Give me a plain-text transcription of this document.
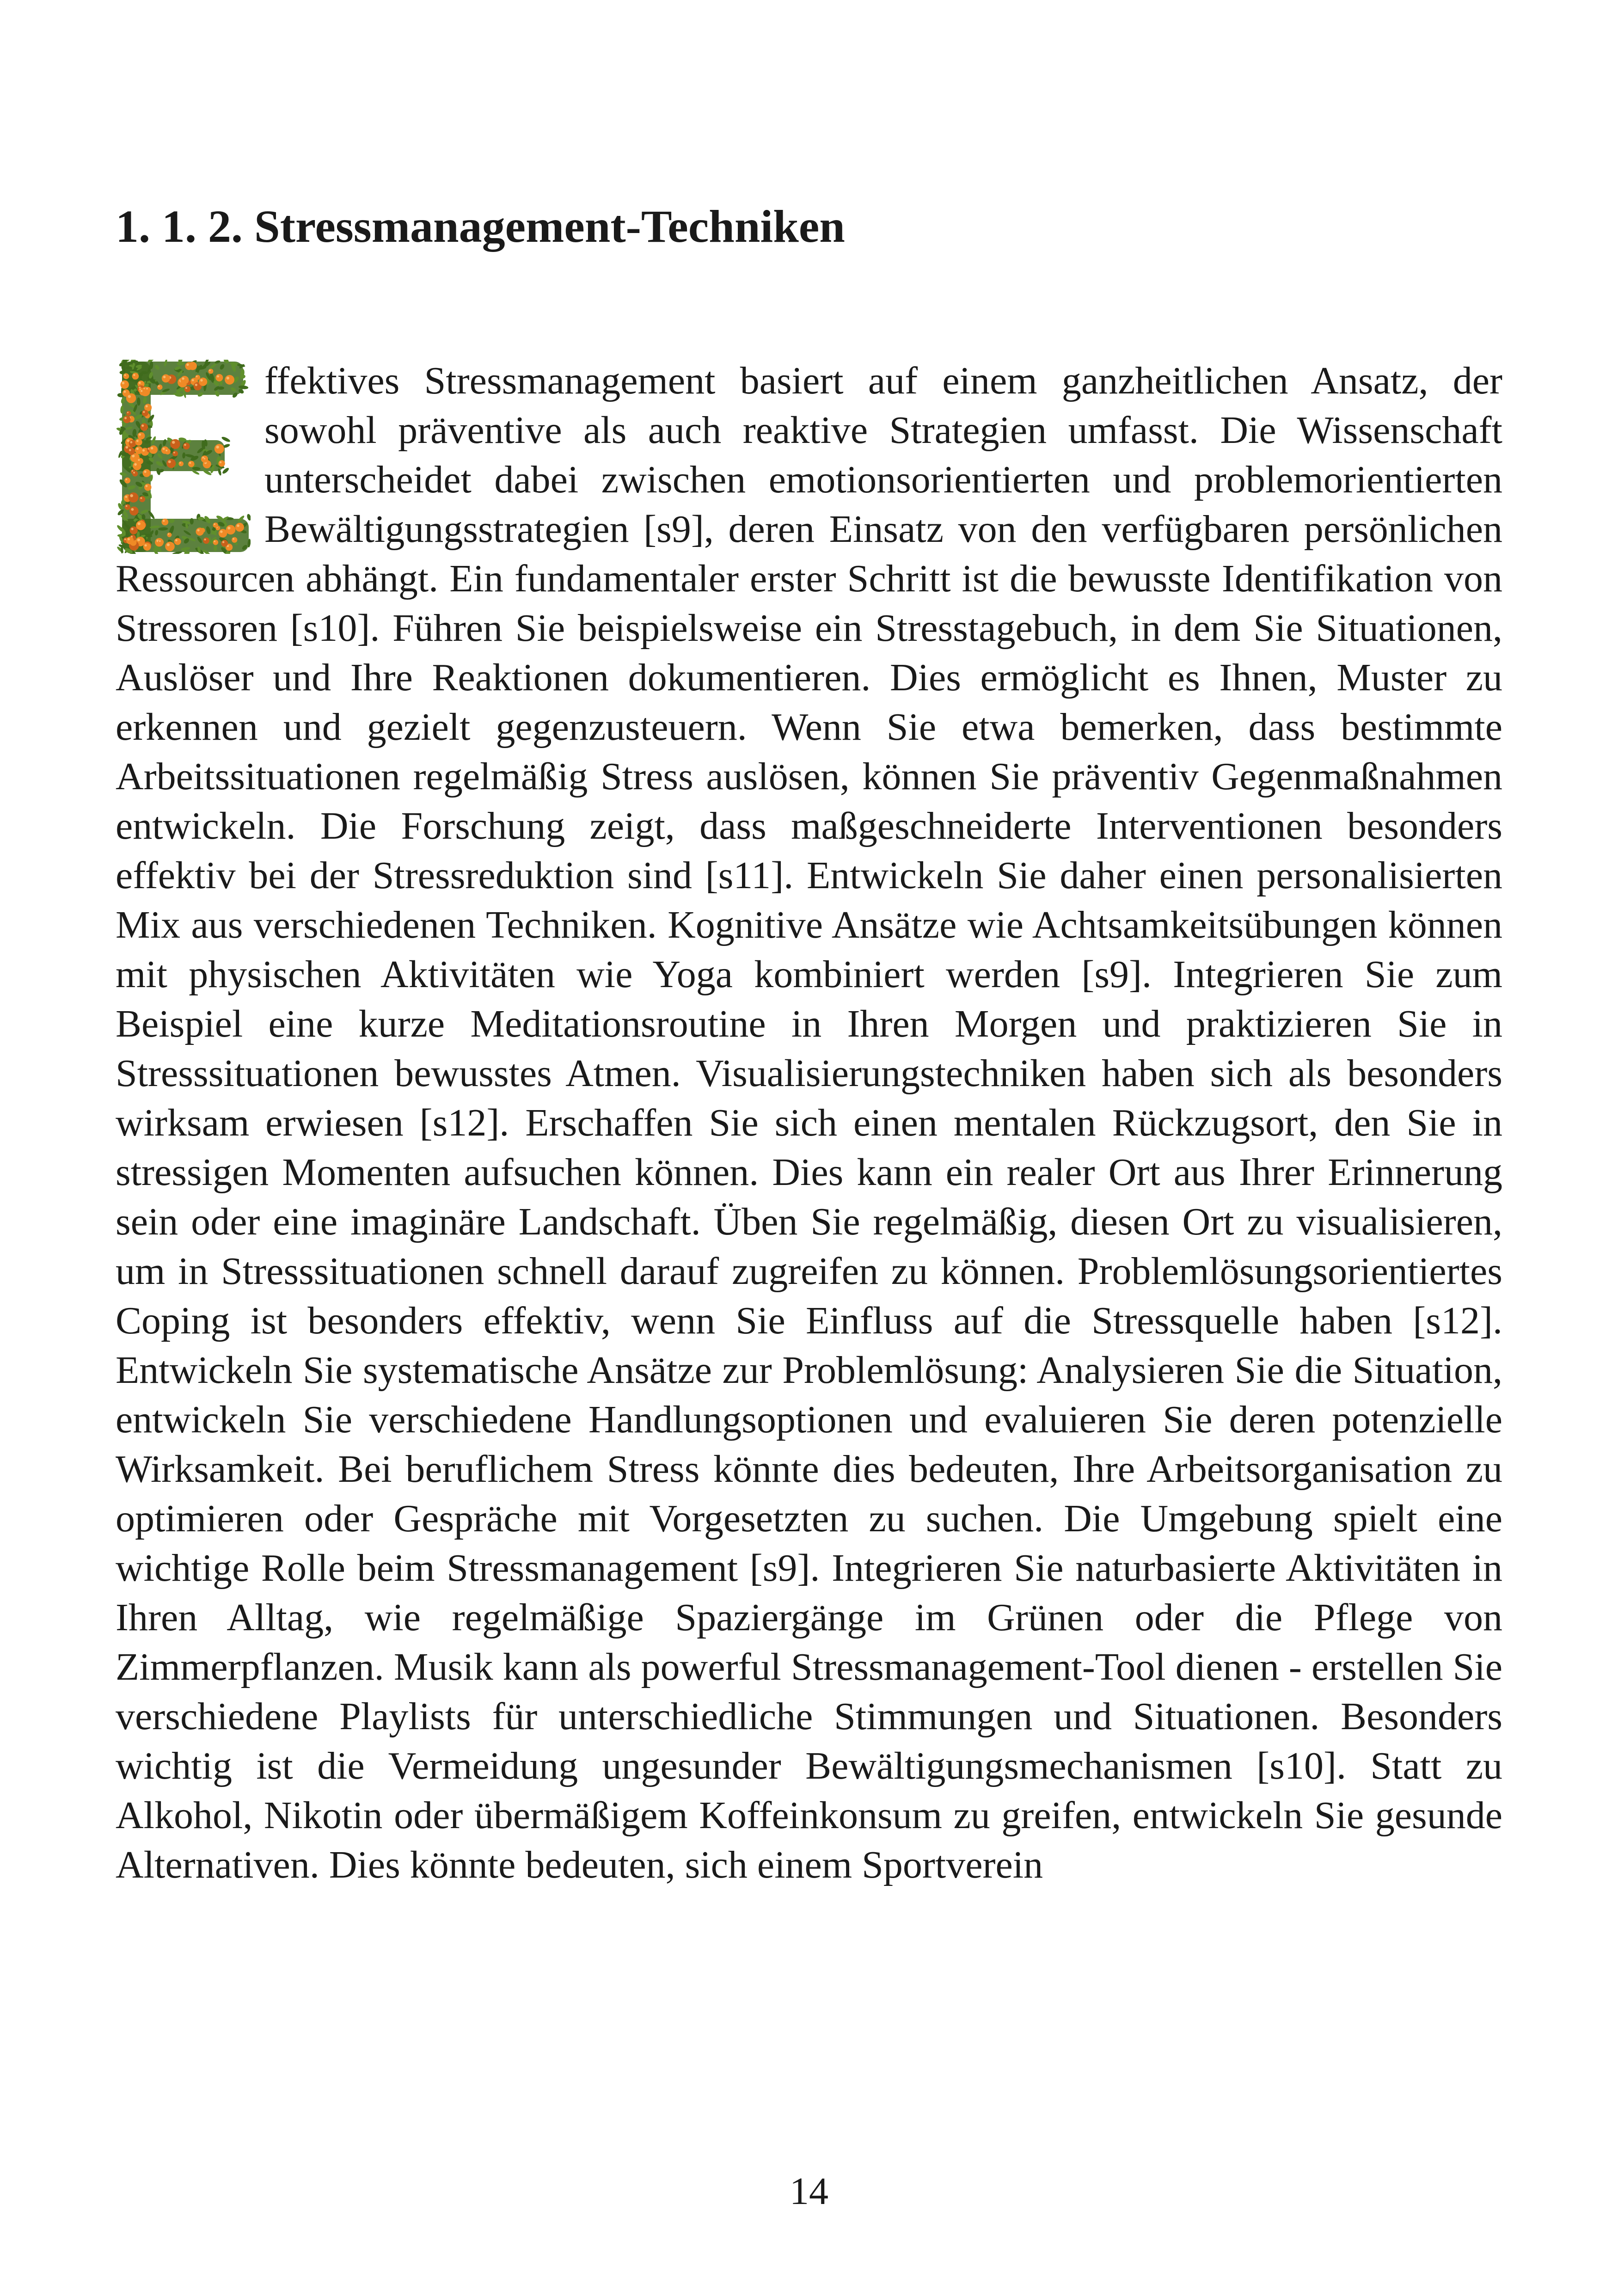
1. 1. 2. Stressmanagement-Techniken

ffektives Stressmanagement basiert auf einem ganzheitlichen Ansatz, der sowohl präventive als auch reaktive Strategien umfasst. Die Wissenschaft unterscheidet dabei zwischen emotionsorientierten und problemorientierten Bewältigungsstrategien [s9], deren Einsatz von den verfügbaren persönlichen Ressourcen abhängt. Ein fundamentaler erster Schritt ist die bewusste Identifikation von Stressoren [s10]. Führen Sie beispielsweise ein Stresstagebuch, in dem Sie Situationen, Auslöser und Ihre Reaktionen dokumentieren. Dies ermöglicht es Ihnen, Muster zu erkennen und gezielt gegenzusteuern. Wenn Sie etwa bemerken, dass bestimmte Arbeitssituationen regelmäßig Stress auslösen, können Sie präventiv Gegenmaßnahmen entwickeln. Die Forschung zeigt, dass maßgeschneiderte Interventionen besonders effektiv bei der Stressreduktion sind [s11]. Entwickeln Sie daher einen personalisierten Mix aus verschiedenen Techniken. Kognitive Ansätze wie Achtsamkeitsübungen können mit physischen Aktivitäten wie Yoga kombiniert werden [s9]. Integrieren Sie zum Beispiel eine kurze Meditationsroutine in Ihren Morgen und praktizieren Sie in Stresssituationen bewusstes Atmen. Visualisierungstechniken haben sich als besonders wirksam erwiesen [s12]. Erschaffen Sie sich einen mentalen Rückzugsort, den Sie in stressigen Momenten aufsuchen können. Dies kann ein realer Ort aus Ihrer Erinnerung sein oder eine imaginäre Landschaft. Üben Sie regelmäßig, diesen Ort zu visualisieren, um in Stresssituationen schnell darauf zugreifen zu können. Problemlösungsorientiertes Coping ist besonders effektiv, wenn Sie Einfluss auf die Stressquelle haben [s12]. Entwickeln Sie systematische Ansätze zur Problemlösung: Analysieren Sie die Situation, entwickeln Sie verschiedene Handlungsoptionen und evaluieren Sie deren potenzielle Wirksamkeit. Bei beruflichem Stress könnte dies bedeuten, Ihre Arbeitsorganisation zu optimieren oder Gespräche mit Vorgesetzten zu suchen. Die Umgebung spielt eine wichtige Rolle beim Stressmanagement [s9]. Integrieren Sie naturbasierte Aktivitäten in Ihren Alltag, wie regelmäßige Spaziergänge im Grünen oder die Pflege von Zimmerpflanzen. Musik kann als powerful Stressmanagement-Tool dienen - erstellen Sie verschiedene Playlists für unterschiedliche Stimmungen und Situationen. Besonders wichtig ist die Vermeidung ungesunder Bewältigungsmechanismen [s10]. Statt zu Alkohol, Nikotin oder übermäßigem Koffeinkonsum zu greifen, entwickeln Sie gesunde Alternativen. Dies könnte bedeuten, sich einem Sportverein

14
